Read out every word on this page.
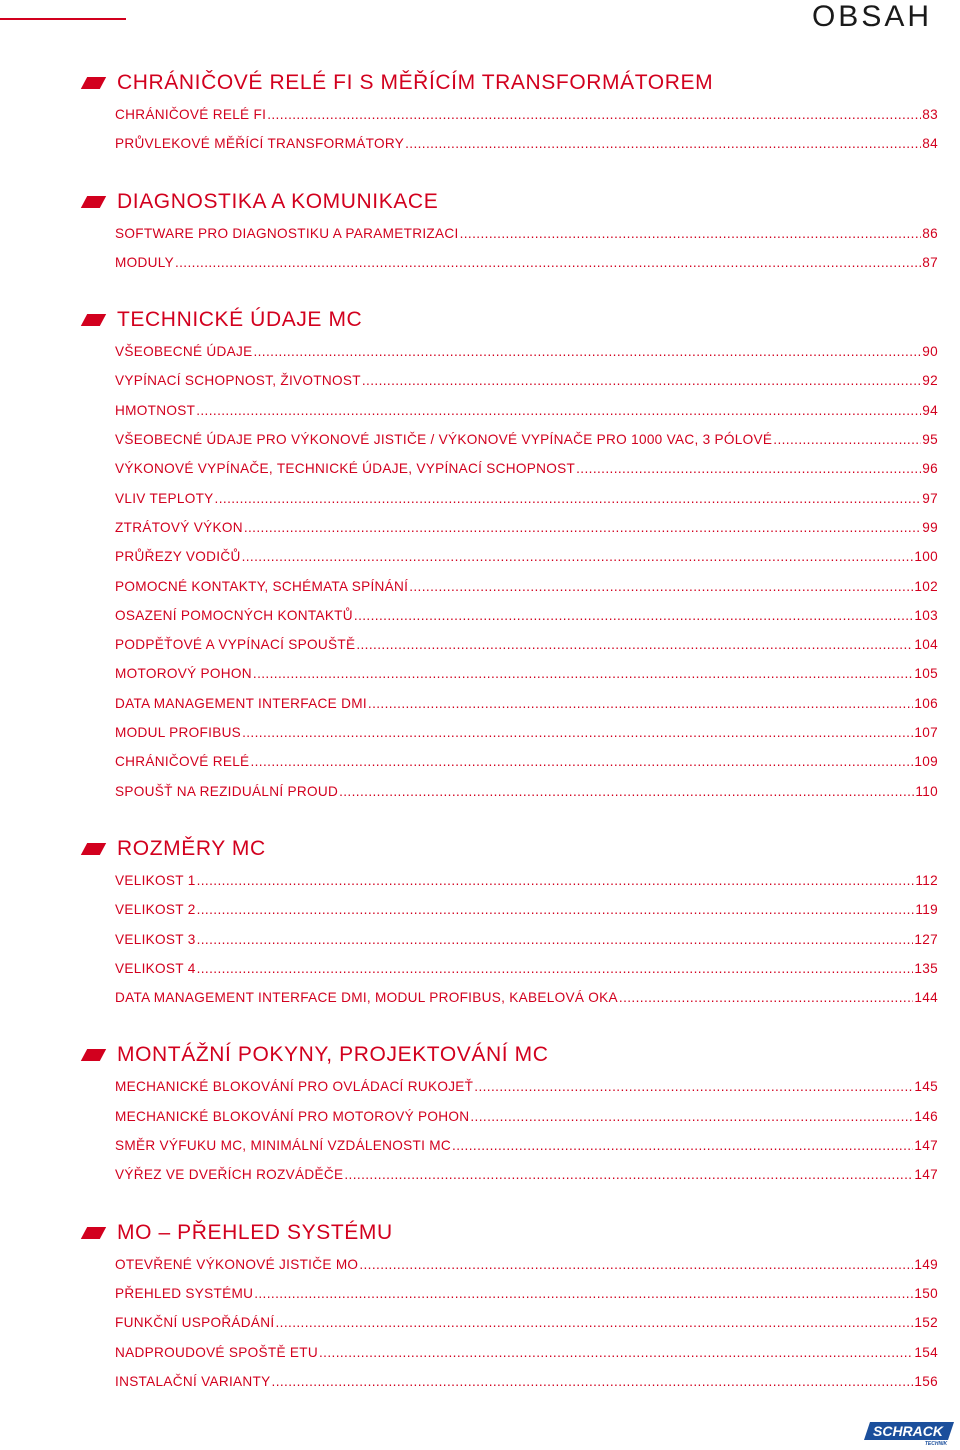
OBSAH
CHRÁNIČOVÉ RELÉ FI S MĚŘÍCÍM TRANSFORMÁTOREM
CHRÁNIČOVÉ RELÉ FI .....	83
PRŮVLEKOVÉ MĚŘÍCÍ TRANSFORMÁTORY .....	84
DIAGNOSTIKA A KOMUNIKACE
SOFTWARE PRO DIAGNOSTIKU A PARAMETRIZACI .....	86
MODULY .....	87
TECHNICKÉ ÚDAJE MC
VŠEOBECNÉ ÚDAJE .....	90
VYPÍNACÍ SCHOPNOST, ŽIVOTNOST .....	92
HMOTNOST .....	94
VŠEOBECNÉ ÚDAJE PRO VÝKONOVÉ JISTIČE / VÝKONOVÉ VYPÍNAČE PRO 1000 VAC, 3 PÓLOVÉ .....	95
VÝKONOVÉ VYPÍNAČE, TECHNICKÉ ÚDAJE, VYPÍNACÍ SCHOPNOST .....	96
VLIV TEPLOTY .....	97
ZTRÁTOVÝ VÝKON .....	99
PRŮŘEZY VODIČŮ .....	100
POMOCNÉ KONTAKTY, SCHÉMATA SPÍNÁNÍ .....	102
OSAZENÍ POMOCNÝCH KONTAKTŮ .....	103
PODPĚŤOVÉ A VYPÍNACÍ SPOUŠTĚ .....	104
MOTOROVÝ POHON .....	105
DATA MANAGEMENT INTERFACE DMI .....	106
MODUL PROFIBUS .....	107
CHRÁNIČOVÉ RELÉ .....	109
SPOUŠŤ NA REZIDUÁLNÍ PROUD .....	110
ROZMĚRY MC
VELIKOST 1 .....	112
VELIKOST 2 .....	119
VELIKOST 3 .....	127
VELIKOST 4 .....	135
DATA MANAGEMENT INTERFACE DMI, MODUL PROFIBUS, KABELOVÁ OKA .....	144
MONTÁŽNÍ POKYNY, PROJEKTOVÁNÍ MC
MECHANICKÉ BLOKOVÁNÍ PRO OVLÁDACÍ RUKOJEŤ .....	145
MECHANICKÉ BLOKOVÁNÍ PRO MOTOROVÝ POHON .....	146
SMĚR VÝFUKU MC, MINIMÁLNÍ VZDÁLENOSTI MC .....	147
VÝŘEZ VE DVEŘÍCH ROZVÁDĚČE .....	147
MO – PŘEHLED SYSTÉMU
OTEVŘENÉ VÝKONOVÉ JISTIČE MO .....	149
PŘEHLED SYSTÉMU .....	150
FUNKČNÍ USPOŘÁDÁNÍ .....	152
NADPROUDOVÉ SPOŠTĚ ETU .....	154
INSTALAČNÍ VARIANTY .....	156
SCHRACK
TECHNIK
